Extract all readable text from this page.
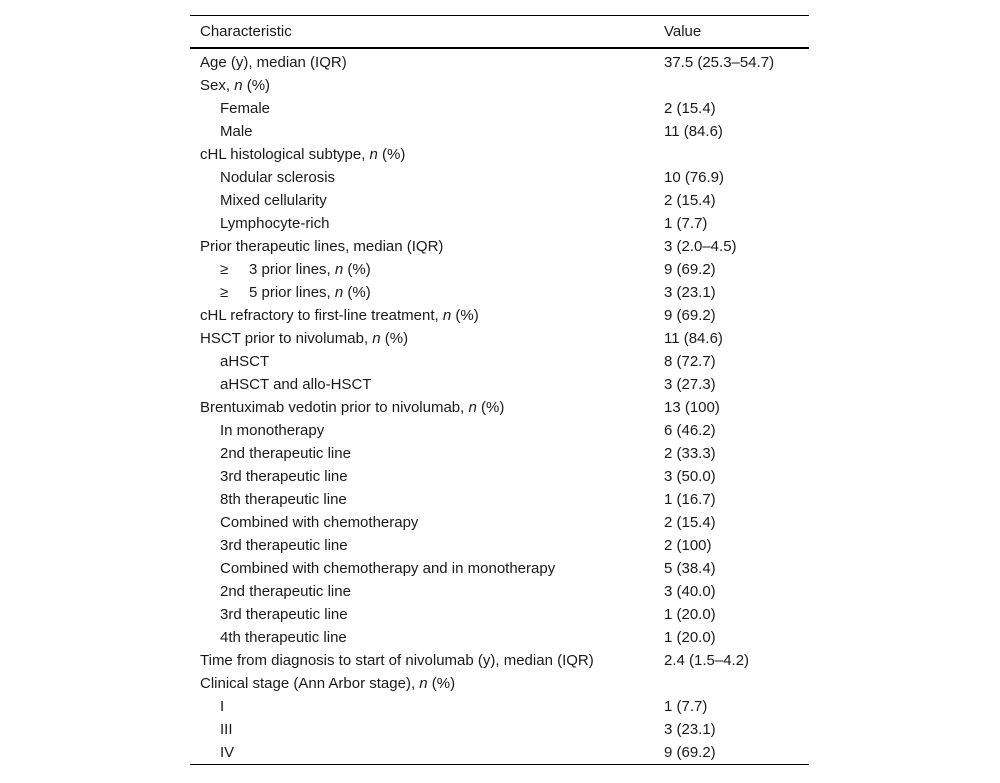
Characteristic	Value
Age (y), median (IQR)	37.5 (25.3–54.7)
Sex, n (%)	
Female	2 (15.4)
Male	11 (84.6)
cHL histological subtype, n (%)	
Nodular sclerosis	10 (76.9)
Mixed cellularity	2 (15.4)
Lymphocyte-rich	1 (7.7)
Prior therapeutic lines, median (IQR)	3 (2.0–4.5)
≥ 3 prior lines, n (%)	9 (69.2)
≥ 5 prior lines, n (%)	3 (23.1)
cHL refractory to first-line treatment, n (%)	9 (69.2)
HSCT prior to nivolumab, n (%)	11 (84.6)
aHSCT	8 (72.7)
aHSCT and allo-HSCT	3 (27.3)
Brentuximab vedotin prior to nivolumab, n (%)	13 (100)
In monotherapy	6 (46.2)
2nd therapeutic line	2 (33.3)
3rd therapeutic line	3 (50.0)
8th therapeutic line	1 (16.7)
Combined with chemotherapy	2 (15.4)
3rd therapeutic line	2 (100)
Combined with chemotherapy and in monotherapy	5 (38.4)
2nd therapeutic line	3 (40.0)
3rd therapeutic line	1 (20.0)
4th therapeutic line	1 (20.0)
Time from diagnosis to start of nivolumab (y), median (IQR)	2.4 (1.5–4.2)
Clinical stage (Ann Arbor stage), n (%)	
I	1 (7.7)
III	3 (23.1)
IV	9 (69.2)
